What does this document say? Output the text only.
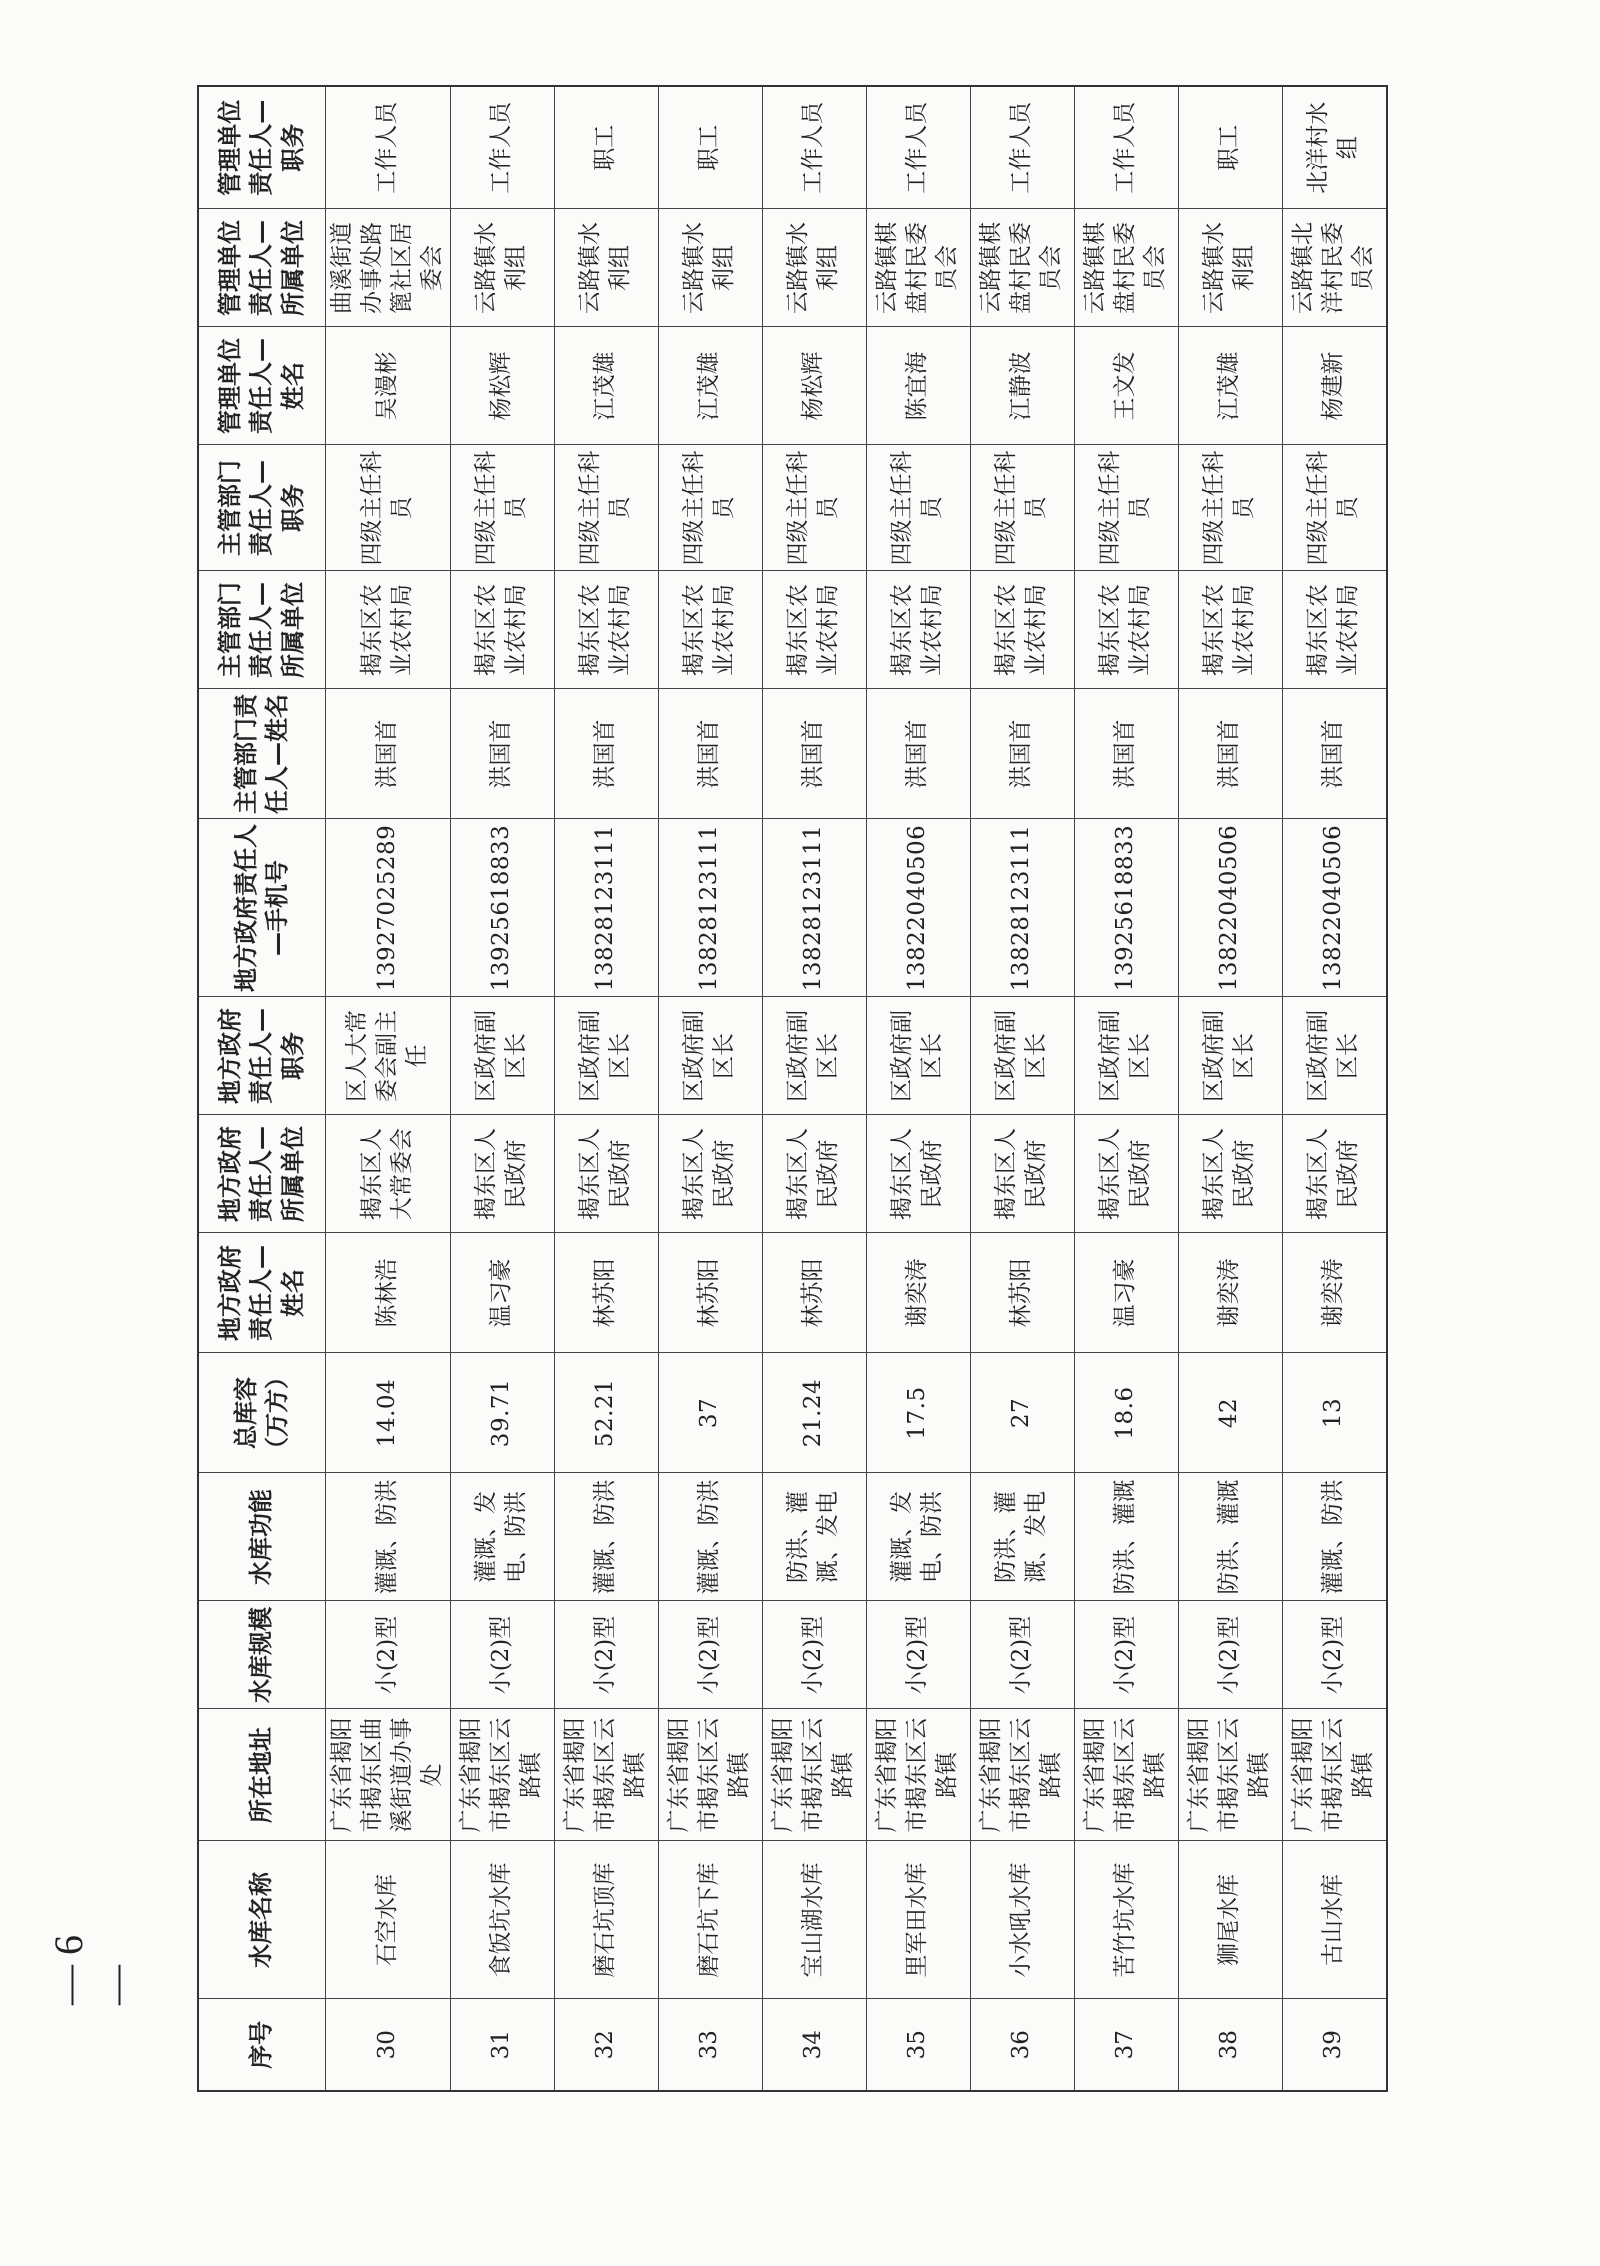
序号	水库名称	所在地址	水库规模	水库功能	总库容（万方）	地方政府责任人—姓名	地方政府责任人—所属单位	地方政府责任人—职务	地方政府责任人—手机号	主管部门责任人—姓名	主管部门责任人—所属单位	主管部门责任人—职务	管理单位责任人—姓名	管理单位责任人—所属单位	管理单位责任人—职务
30	石空水库	广东省揭阳市揭东区曲溪街道办事处	小(2)型	灌溉、防洪	14.04	陈林浩	揭东区人大常委会	区人大常委会副主任	13927025289	洪国首	揭东区农业农村局	四级主任科员	吴漫彬	曲溪街道办事处路篦社区居委会	工作人员
31	食饭坑水库	广东省揭阳市揭东区云路镇	小(2)型	灌溉、发电、防洪	39.71	温习豪	揭东区人民政府	区政府副区长	13925618833	洪国首	揭东区农业农村局	四级主任科员	杨松辉	云路镇水利组	工作人员
32	磨石坑顶库	广东省揭阳市揭东区云路镇	小(2)型	灌溉、防洪	52.21	林苏阳	揭东区人民政府	区政府副区长	13828123111	洪国首	揭东区农业农村局	四级主任科员	江茂雄	云路镇水利组	职工
33	磨石坑下库	广东省揭阳市揭东区云路镇	小(2)型	灌溉、防洪	37	林苏阳	揭东区人民政府	区政府副区长	13828123111	洪国首	揭东区农业农村局	四级主任科员	江茂雄	云路镇水利组	职工
34	宝山湖水库	广东省揭阳市揭东区云路镇	小(2)型	防洪、灌溉、发电	21.24	林苏阳	揭东区人民政府	区政府副区长	13828123111	洪国首	揭东区农业农村局	四级主任科员	杨松辉	云路镇水利组	工作人员
35	里军田水库	广东省揭阳市揭东区云路镇	小(2)型	灌溉、发电、防洪	17.5	谢奕涛	揭东区人民政府	区政府副区长	13822040506	洪国首	揭东区农业农村局	四级主任科员	陈宜海	云路镇棋盘村民委员会	工作人员
36	小水吼水库	广东省揭阳市揭东区云路镇	小(2)型	防洪、灌溉、发电	27	林苏阳	揭东区人民政府	区政府副区长	13828123111	洪国首	揭东区农业农村局	四级主任科员	江静波	云路镇棋盘村民委员会	工作人员
37	苦竹坑水库	广东省揭阳市揭东区云路镇	小(2)型	防洪、灌溉	18.6	温习豪	揭东区人民政府	区政府副区长	13925618833	洪国首	揭东区农业农村局	四级主任科员	王文发	云路镇棋盘村民委员会	工作人员
38	狮尾水库	广东省揭阳市揭东区云路镇	小(2)型	防洪、灌溉	42	谢奕涛	揭东区人民政府	区政府副区长	13822040506	洪国首	揭东区农业农村局	四级主任科员	江茂雄	云路镇水利组	职工
39	古山水库	广东省揭阳市揭东区云路镇	小(2)型	灌溉、防洪	13	谢奕涛	揭东区人民政府	区政府副区长	13822040506	洪国首	揭东区农业农村局	四级主任科员	杨建新	云路镇北洋村民委员会	北洋村水组
— 6 —
